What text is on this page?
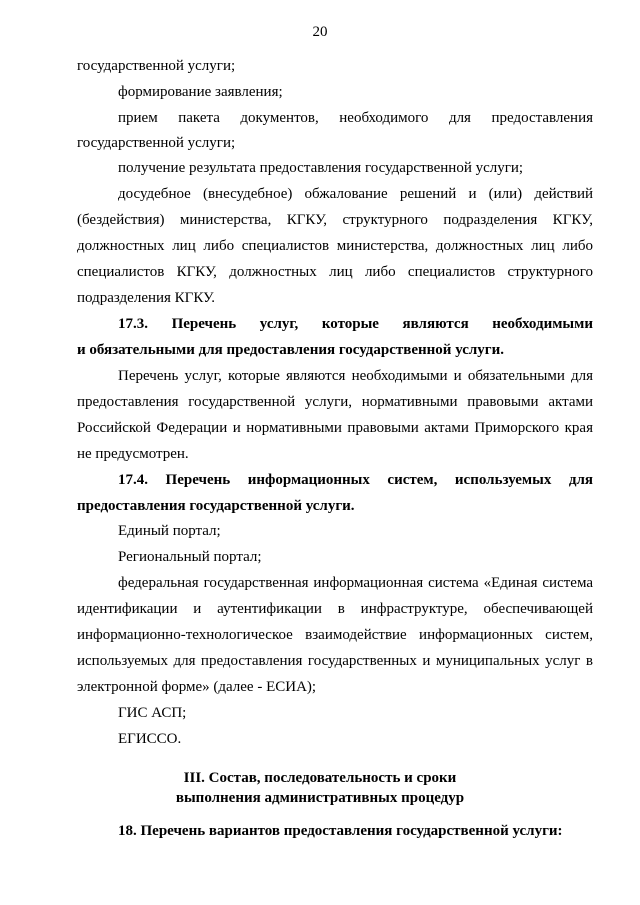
20
государственной услуги;
формирование заявления;
прием пакета документов, необходимого для предоставления
государственной услуги;
получение результата предоставления государственной услуги;
досудебное (внесудебное) обжалование решений и (или) действий
(бездействия) министерства, КГКУ, структурного подразделения КГКУ,
должностных лиц либо специалистов министерства, должностных лиц либо
специалистов КГКУ, должностных лиц либо специалистов структурного
подразделения КГКУ.
17.3. Перечень услуг, которые являются необходимыми
и обязательными для предоставления государственной услуги.
Перечень услуг, которые являются необходимыми и обязательными для
предоставления государственной услуги, нормативными правовыми актами
Российской Федерации и нормативными правовыми актами Приморского края
не предусмотрен.
17.4. Перечень информационных систем, используемых для
предоставления государственной услуги.
Единый портал;
Региональный портал;
федеральная государственная информационная система «Единая система
идентификации и аутентификации в инфраструктуре, обеспечивающей
информационно-технологическое взаимодействие информационных систем,
используемых для предоставления государственных и муниципальных услуг в
электронной форме» (далее - ЕСИА);
ГИС АСП;
ЕГИССО.
III. Состав, последовательность и сроки
выполнения административных процедур
18. Перечень вариантов предоставления государственной услуги:
